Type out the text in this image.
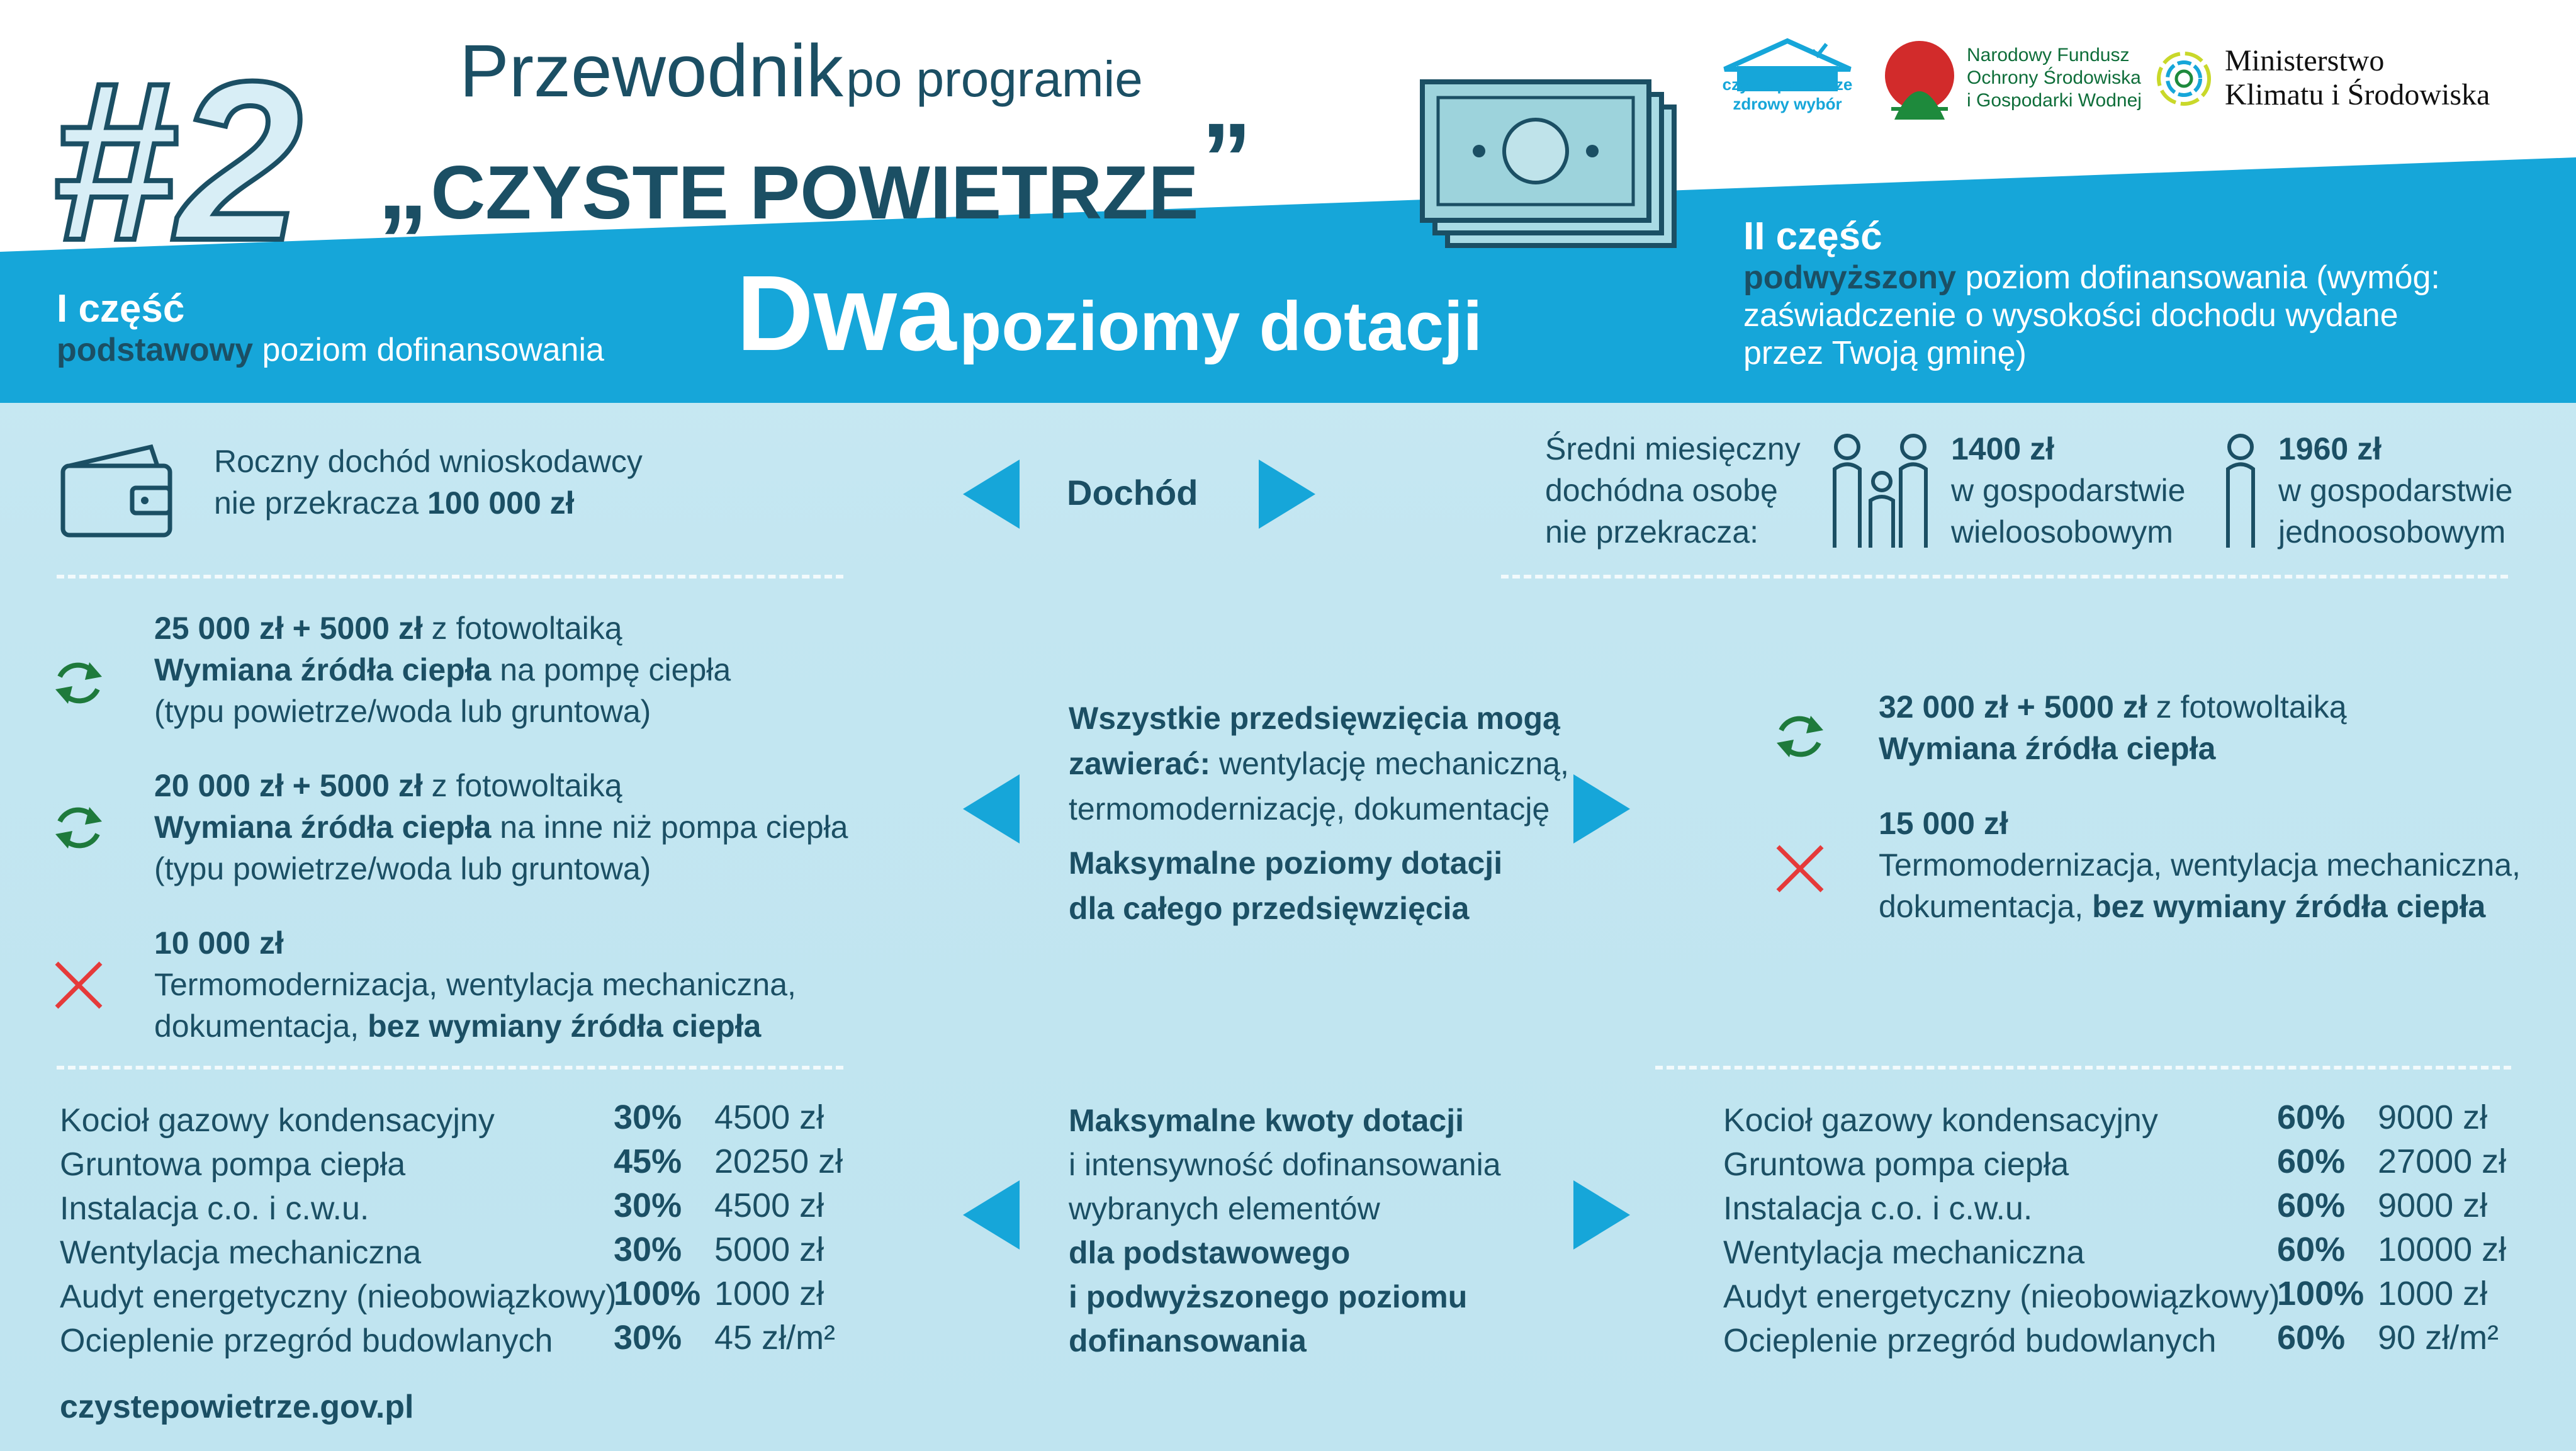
#2 Przewodnik po programie
„ CZYSTE POWIETRZE ”
czyste powietrze
zdrowy wybór
Narodowy Fundusz
Ochrony Środowiska
i Gospodarki Wodnej
Ministerstwo
Klimatu i Środowiska
I część
podstawowy poziom dofinansowania Dwa poziomy dotacji
II część
podwyższony poziom dofinansowania (wymóg:
zaświadczenie o wysokości dochodu wydane
przez Twoją gminę)
Roczny dochód wnioskodawcy
nie przekracza 100 000 zł	Dochód
Średni miesięczny
dochódna osobę
nie przekracza:
1400 zł
w gospodarstwie
wieloosobowym
1960 zł
w gospodarstwie
jednoosobowym
25 000 zł + 5000 zł z fotowoltaiką
Wymiana źródła ciepła na pompę ciepła
(typu powietrze/woda lub gruntowa)
20 000 zł + 5000 zł z fotowoltaiką
Wymiana źródła ciepła na inne niż pompa ciepła
(typu powietrze/woda lub gruntowa)
10 000 zł
Termomodernizacja, wentylacja mechaniczna,
dokumentacja, bez wymiany źródła ciepła
Wszystkie przedsięwzięcia mogą
zawierać: wentylację mechaniczną,
termomodernizację, dokumentację
Maksymalne poziomy dotacji
dla całego przedsięwzięcia
32 000 zł + 5000 zł z fotowoltaiką
Wymiana źródła ciepła
15 000 zł
Termomodernizacja, wentylacja mechaniczna,
dokumentacja, bez wymiany źródła ciepła
Kocioł gazowy kondensacyjny
Gruntowa pompa ciepła
Instalacja c.o. i c.w.u.
Wentylacja mechaniczna
Audyt energetyczny (nieobowiązkowy)
Ocieplenie przegród budowlanych
30%
45%
30%
30%
100%
30%
4500 zł
20250 zł
4500 zł
5000 zł
1000 zł
45 zł/m²
Maksymalne kwoty dotacji
i intensywność dofinansowania
wybranych elementów
dla podstawowego
i podwyższonego poziomu
dofinansowania
Kocioł gazowy kondensacyjny
Gruntowa pompa ciepła
Instalacja c.o. i c.w.u.
Wentylacja mechaniczna
Audyt energetyczny (nieobowiązkowy)
Ocieplenie przegród budowlanych
60%
60%
60%
60%
100%
60%
9000 zł
27000 zł
9000 zł
10000 zł
1000 zł
90 zł/m²
czystepowietrze.gov.pl
